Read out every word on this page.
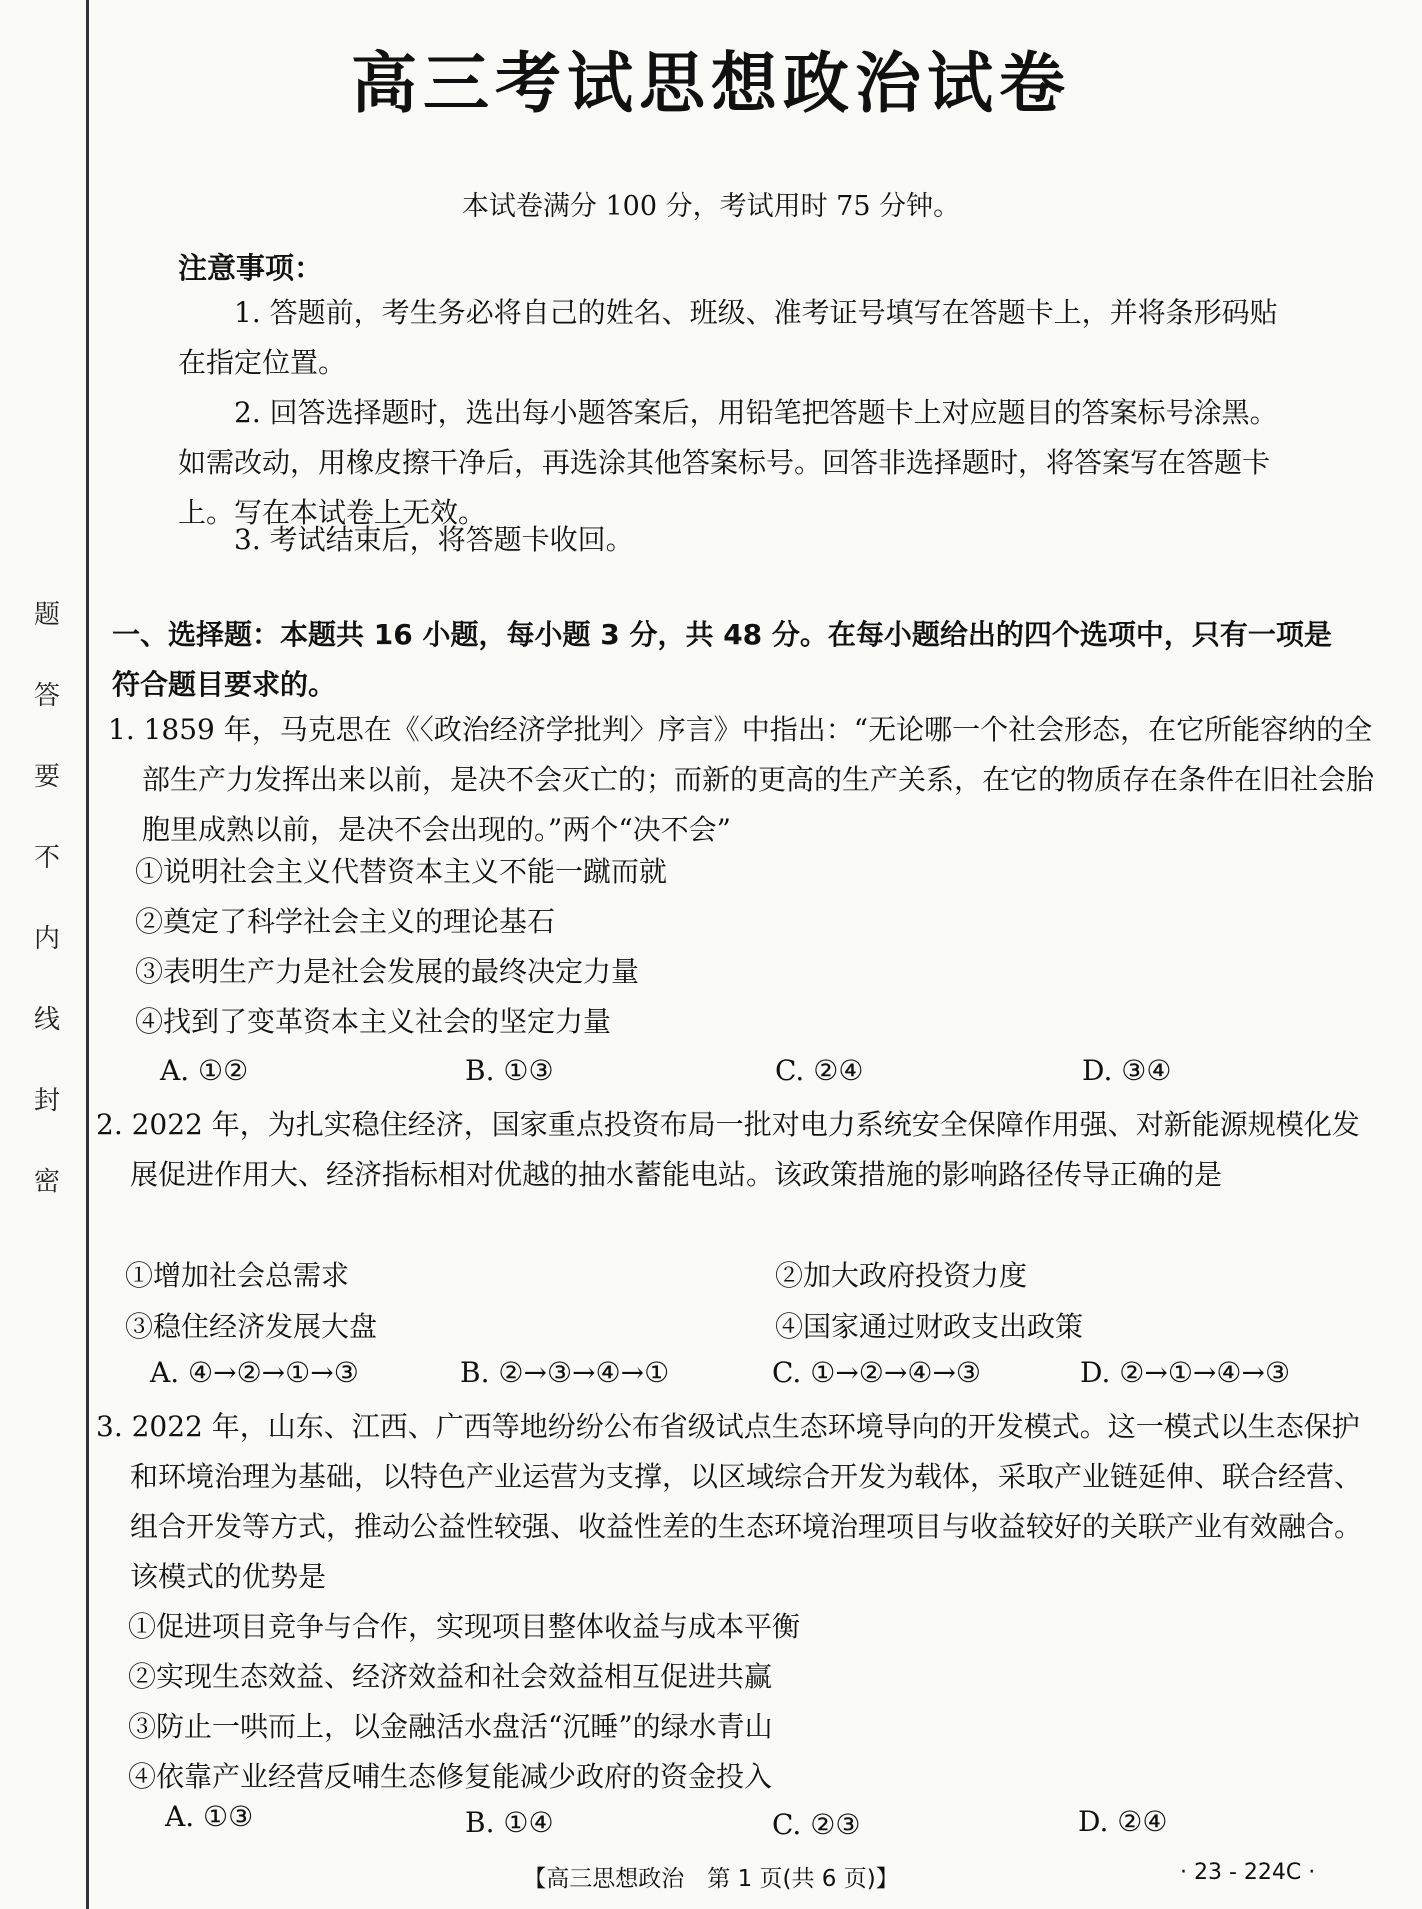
题
答
要
不
内
线
封
密
高三考试思想政治试卷
本试卷满分 100 分，考试用时 75 分钟。
注意事项：
1. 答题前，考生务必将自己的姓名、班级、准考证号填写在答题卡上，并将条形码贴在指定位置。
2. 回答选择题时，选出每小题答案后，用铅笔把答题卡上对应题目的答案标号涂黑。如需改动，用橡皮擦干净后，再选涂其他答案标号。回答非选择题时，将答案写在答题卡上。写在本试卷上无效。
3. 考试结束后，将答题卡收回。
一、选择题：本题共 16 小题，每小题 3 分，共 48 分。在每小题给出的四个选项中，只有一项是符合题目要求的。
1. 1859 年，马克思在《〈政治经济学批判〉序言》中指出：“无论哪一个社会形态，在它所能容纳的全部生产力发挥出来以前，是决不会灭亡的；而新的更高的生产关系，在它的物质存在条件在旧社会胎胞里成熟以前，是决不会出现的。”两个“决不会”
①说明社会主义代替资本主义不能一蹴而就
②奠定了科学社会主义的理论基石
③表明生产力是社会发展的最终决定力量
④找到了变革资本主义社会的坚定力量
A. ①②	B. ①③	C. ②④	D. ③④
2. 2022 年，为扎实稳住经济，国家重点投资布局一批对电力系统安全保障作用强、对新能源规模化发展促进作用大、经济指标相对优越的抽水蓄能电站。该政策措施的影响路径传导正确的是
①增加社会总需求	②加大政府投资力度
③稳住经济发展大盘	④国家通过财政支出政策
A. ④→②→①→③	B. ②→③→④→①	C. ①→②→④→③	D. ②→①→④→③
3. 2022 年，山东、江西、广西等地纷纷公布省级试点生态环境导向的开发模式。这一模式以生态保护和环境治理为基础，以特色产业运营为支撑，以区域综合开发为载体，采取产业链延伸、联合经营、组合开发等方式，推动公益性较强、收益性差的生态环境治理项目与收益较好的关联产业有效融合。该模式的优势是
①促进项目竞争与合作，实现项目整体收益与成本平衡
②实现生态效益、经济效益和社会效益相互促进共赢
③防止一哄而上，以金融活水盘活“沉睡”的绿水青山
④依靠产业经营反哺生态修复能减少政府的资金投入
A. ①③	B. ①④	C. ②③	D. ②④
【高三思想政治　第 1 页(共 6 页)】	· 23 - 224C ·
